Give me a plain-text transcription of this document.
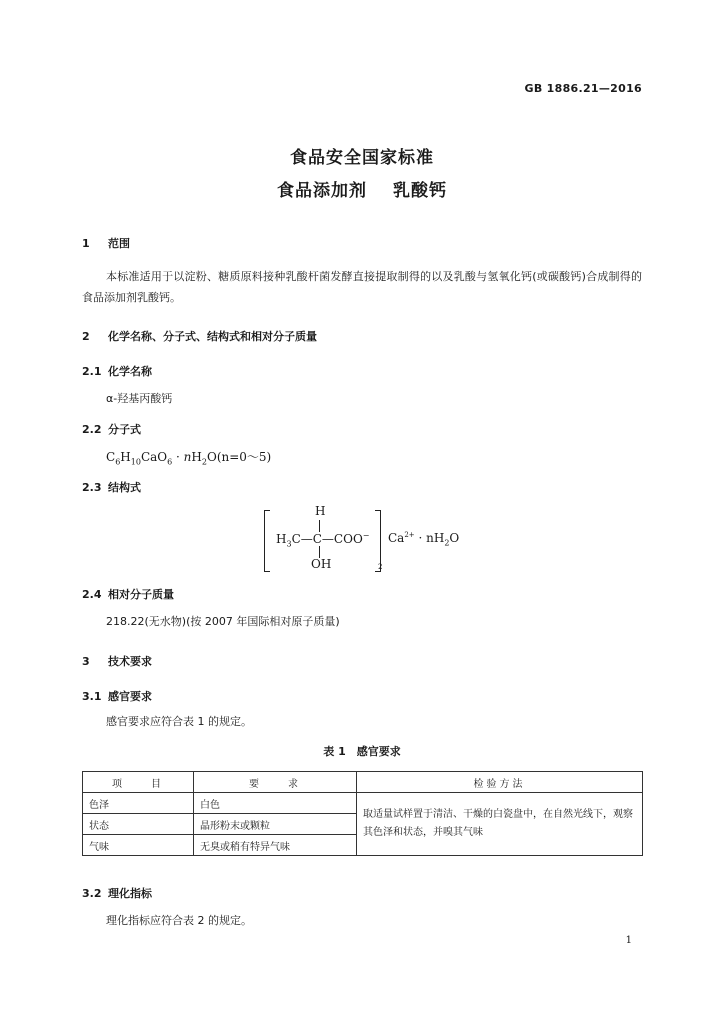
GB 1886.21—2016
食品安全国家标准
食品添加剂 乳酸钙
1 范围
本标准适用于以淀粉、糖质原料接种乳酸杆菌发酵直接提取制得的以及乳酸与氢氧化钙(或碳酸钙)合成制得的食品添加剂乳酸钙。
2 化学名称、分子式、结构式和相对分子质量
2.1 化学名称
α-羟基丙酸钙
2.2 分子式
$C_6H_{10}CaO_6$ · $nH_2O(n=0\sim 5)$
2.3 结构式
H
$H_3C—C—COO^-$
OH	2
$Ca^{2+} \cdot nH_2O$
2.4 相对分子质量
218.22(无水物)(按 2007 年国际相对原子质量)
3 技术要求
3.1 感官要求
感官要求应符合表 1 的规定。
表 1　感官要求
项　　目	要　　求	检验方法
色泽	白色	取适量试样置于清洁、干燥的白瓷盘中，在自然光线下，观察其色泽和状态，并嗅其气味
状态	晶形粉末或颗粒	
气味	无臭或稍有特异气味	
3.2 理化指标
理化指标应符合表 2 的规定。
1
